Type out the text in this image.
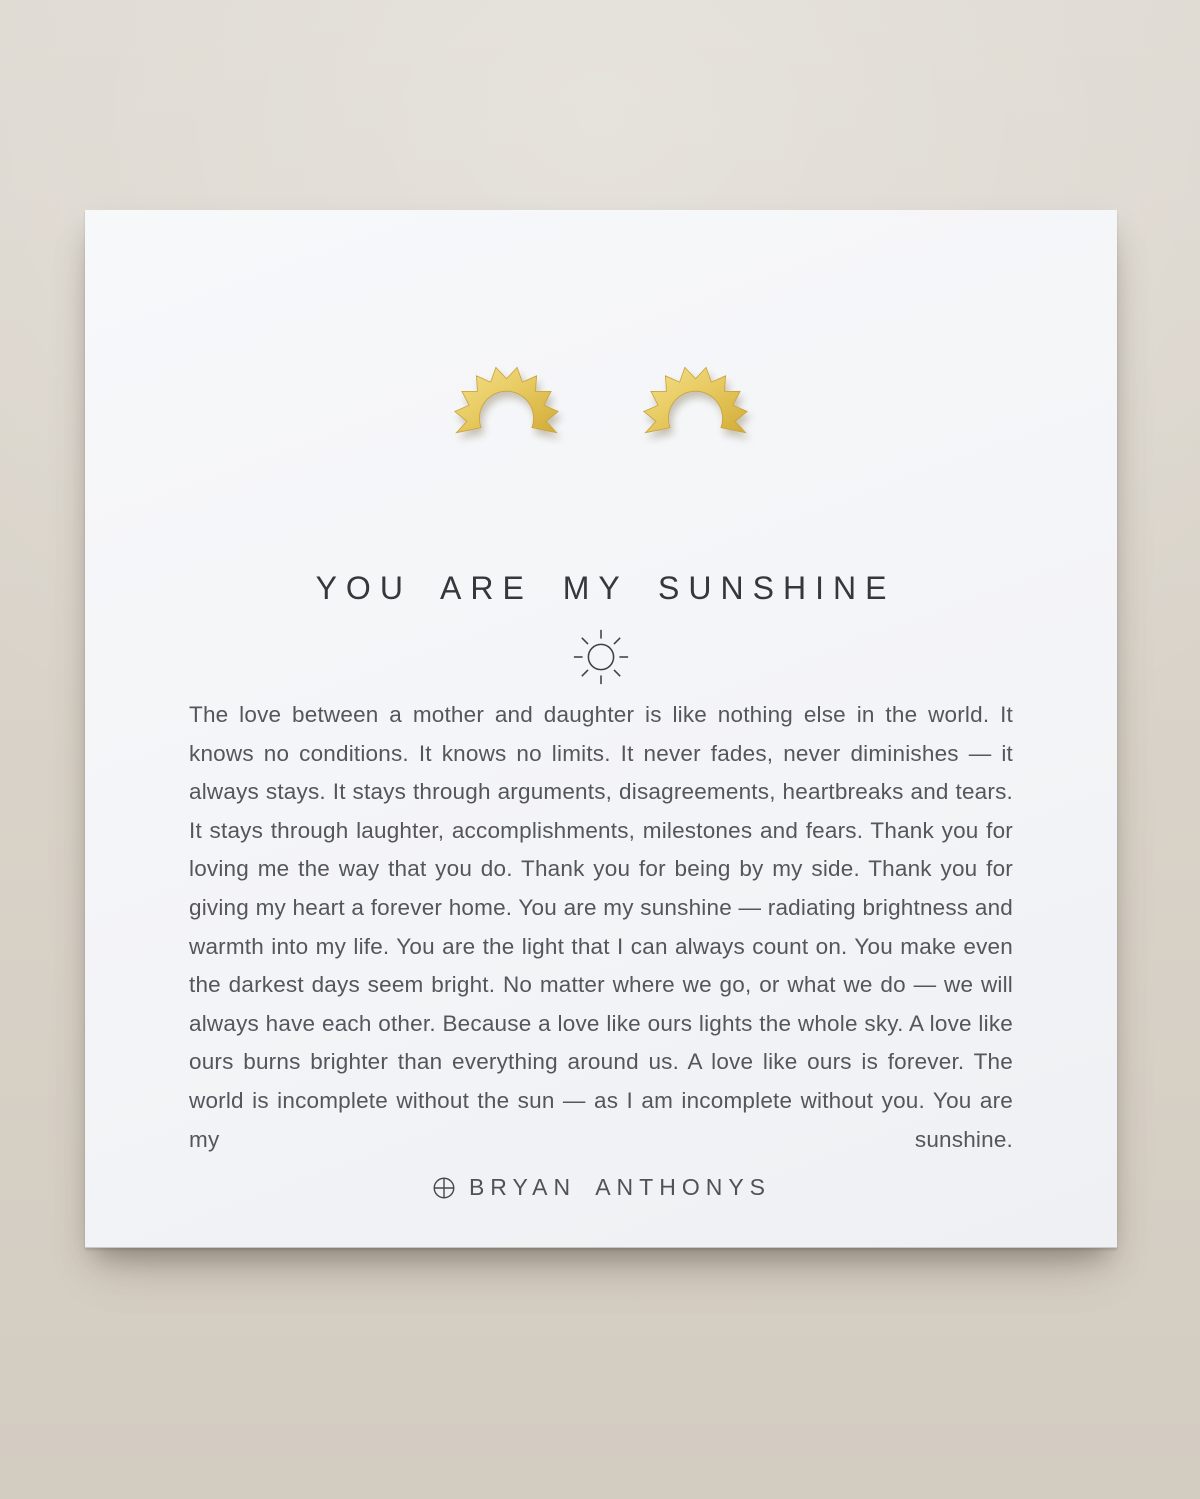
YOU ARE MY SUNSHINE

The love between a mother and daughter is like nothing else in the world. It knows no conditions. It knows no limits. It never fades, never diminishes — it always stays. It stays through arguments, disagreements, heartbreaks and tears. It stays through laughter, accomplishments, milestones and fears. Thank you for loving me the way that you do. Thank you for being by my side. Thank you for giving my heart a forever home. You are my sunshine — radiating brightness and warmth into my life. You are the light that I can always count on. You make even the darkest days seem bright. No matter where we go, or what we do — we will always have each other. Because a love like ours lights the whole sky. A love like ours burns brighter than everything around us. A love like ours is forever. The world is incomplete without the sun — as I am incomplete without you. You are my sunshine.

BRYAN ANTHONYS
